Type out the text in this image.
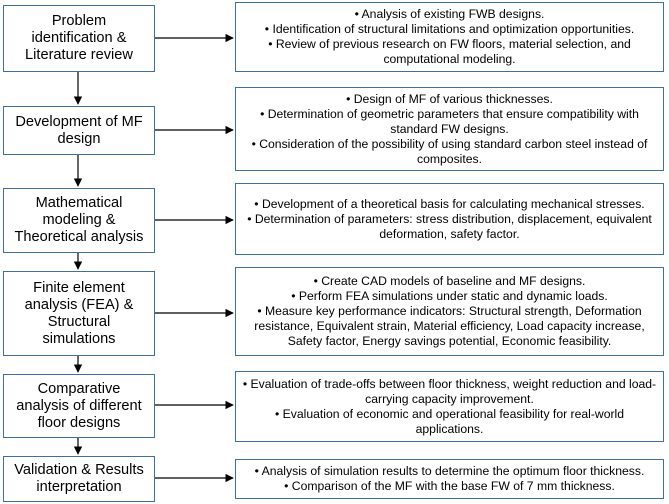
Problem
identification &
Literature review
• Analysis of existing FWB designs.
• Identification of structural limitations and optimization opportunities.
• Review of previous research on FW floors, material selection, and computational modeling.
Development of MF
design
• Design of MF of various thicknesses.
• Determination of geometric parameters that ensure compatibility with standard FW designs.
• Consideration of the possibility of using standard carbon steel instead of composites.
Mathematical
modeling &
Theoretical analysis
• Development of a theoretical basis for calculating mechanical stresses.
• Determination of parameters: stress distribution, displacement, equivalent deformation, safety factor.
Finite element
analysis (FEA) &
Structural
simulations
• Create CAD models of baseline and MF designs.
• Perform FEA simulations under static and dynamic loads.
• Measure key performance indicators: Structural strength, Deformation resistance, Equivalent strain, Material efficiency, Load capacity increase, Safety factor, Energy savings potential, Economic feasibility.
Comparative
analysis of different
floor designs
• Evaluation of trade-offs between floor thickness, weight reduction and load-carrying capacity improvement.
• Evaluation of economic and operational feasibility for real-world applications.
Validation & Results
interpretation
• Analysis of simulation results to determine the optimum floor thickness.
• Comparison of the MF with the base FW of 7 mm thickness.
